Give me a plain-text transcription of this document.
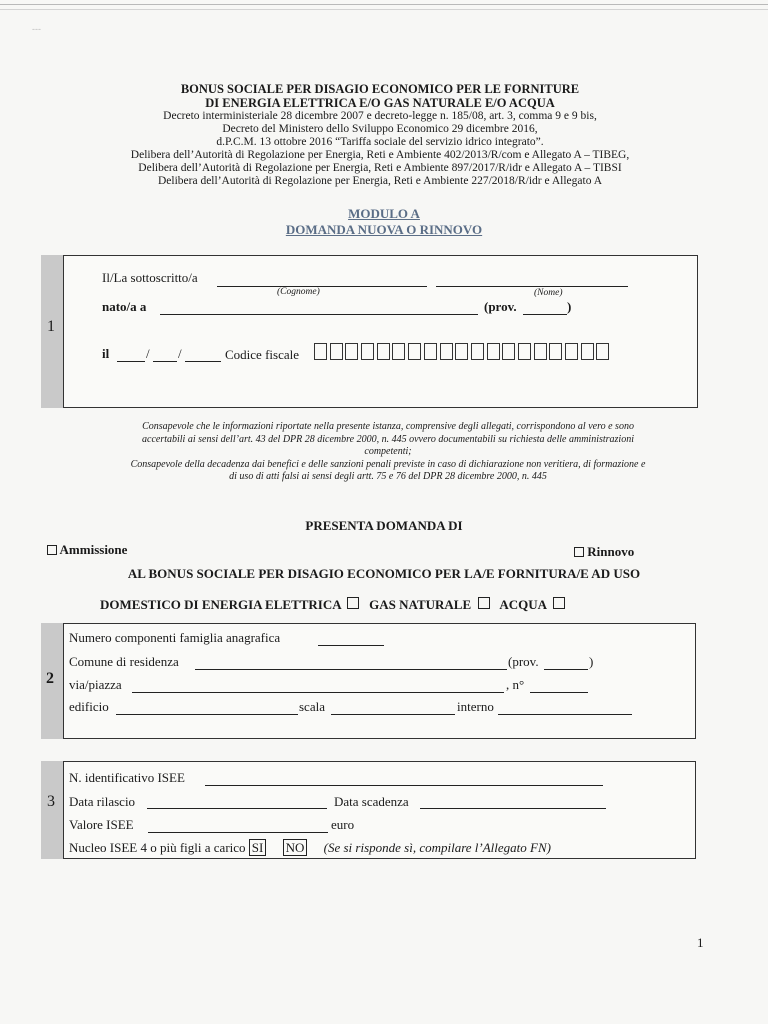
‐‐‐
BONUS SOCIALE PER DISAGIO ECONOMICO PER LE FORNITURE
DI ENERGIA ELETTRICA E/O GAS NATURALE E/O ACQUA
Decreto interministeriale 28 dicembre 2007 e decreto-legge n. 185/08, art. 3, comma 9 e 9 bis,
Decreto del Ministero dello Sviluppo Economico 29 dicembre 2016,
d.P.C.M. 13 ottobre 2016 “Tariffa sociale del servizio idrico integrato”.
Delibera dell’Autorità di Regolazione per Energia, Reti e Ambiente 402/2013/R/com e Allegato A – TIBEG,
Delibera dell’Autorità di Regolazione per Energia, Reti e Ambiente 897/2017/R/idr e Allegato A – TIBSI
Delibera dell’Autorità di Regolazione per Energia, Reti e Ambiente 227/2018/R/idr e Allegato A
MODULO A
DOMANDA NUOVA O RINNOVO
1
Il/La sottoscritto/a
(Cognome)	(Nome)
nato/a a	(prov.	)
il	/ /	Codice fiscale
Consapevole che le informazioni riportate nella presente istanza, comprensive degli allegati, corrispondono al vero e sono
accertabili ai sensi dell’art. 43 del DPR 28 dicembre 2000, n. 445 ovvero documentabili su richiesta delle amministrazioni
competenti;
Consapevole della decadenza dai benefici e delle sanzioni penali previste in caso di dichiarazione non veritiera, di formazione e
di uso di atti falsi ai sensi degli artt. 75 e 76 del DPR 28 dicembre 2000, n. 445
PRESENTA DOMANDA DI
Ammissione	Rinnovo
AL BONUS SOCIALE PER DISAGIO ECONOMICO PER LA/E FORNITURA/E AD USO
DOMESTICO DI ENERGIA ELETTRICA GAS NATURALE ACQUA
2
Numero componenti famiglia anagrafica
Comune di residenza	(prov.	)
via/piazza	, n°
edificio	scala	interno
3
N. identificativo ISEE
Data rilascio	Data scadenza
Valore ISEE	euro
Nucleo ISEE 4 o più figli a carico SI NO (Se si risponde sì, compilare l’Allegato FN)
1
